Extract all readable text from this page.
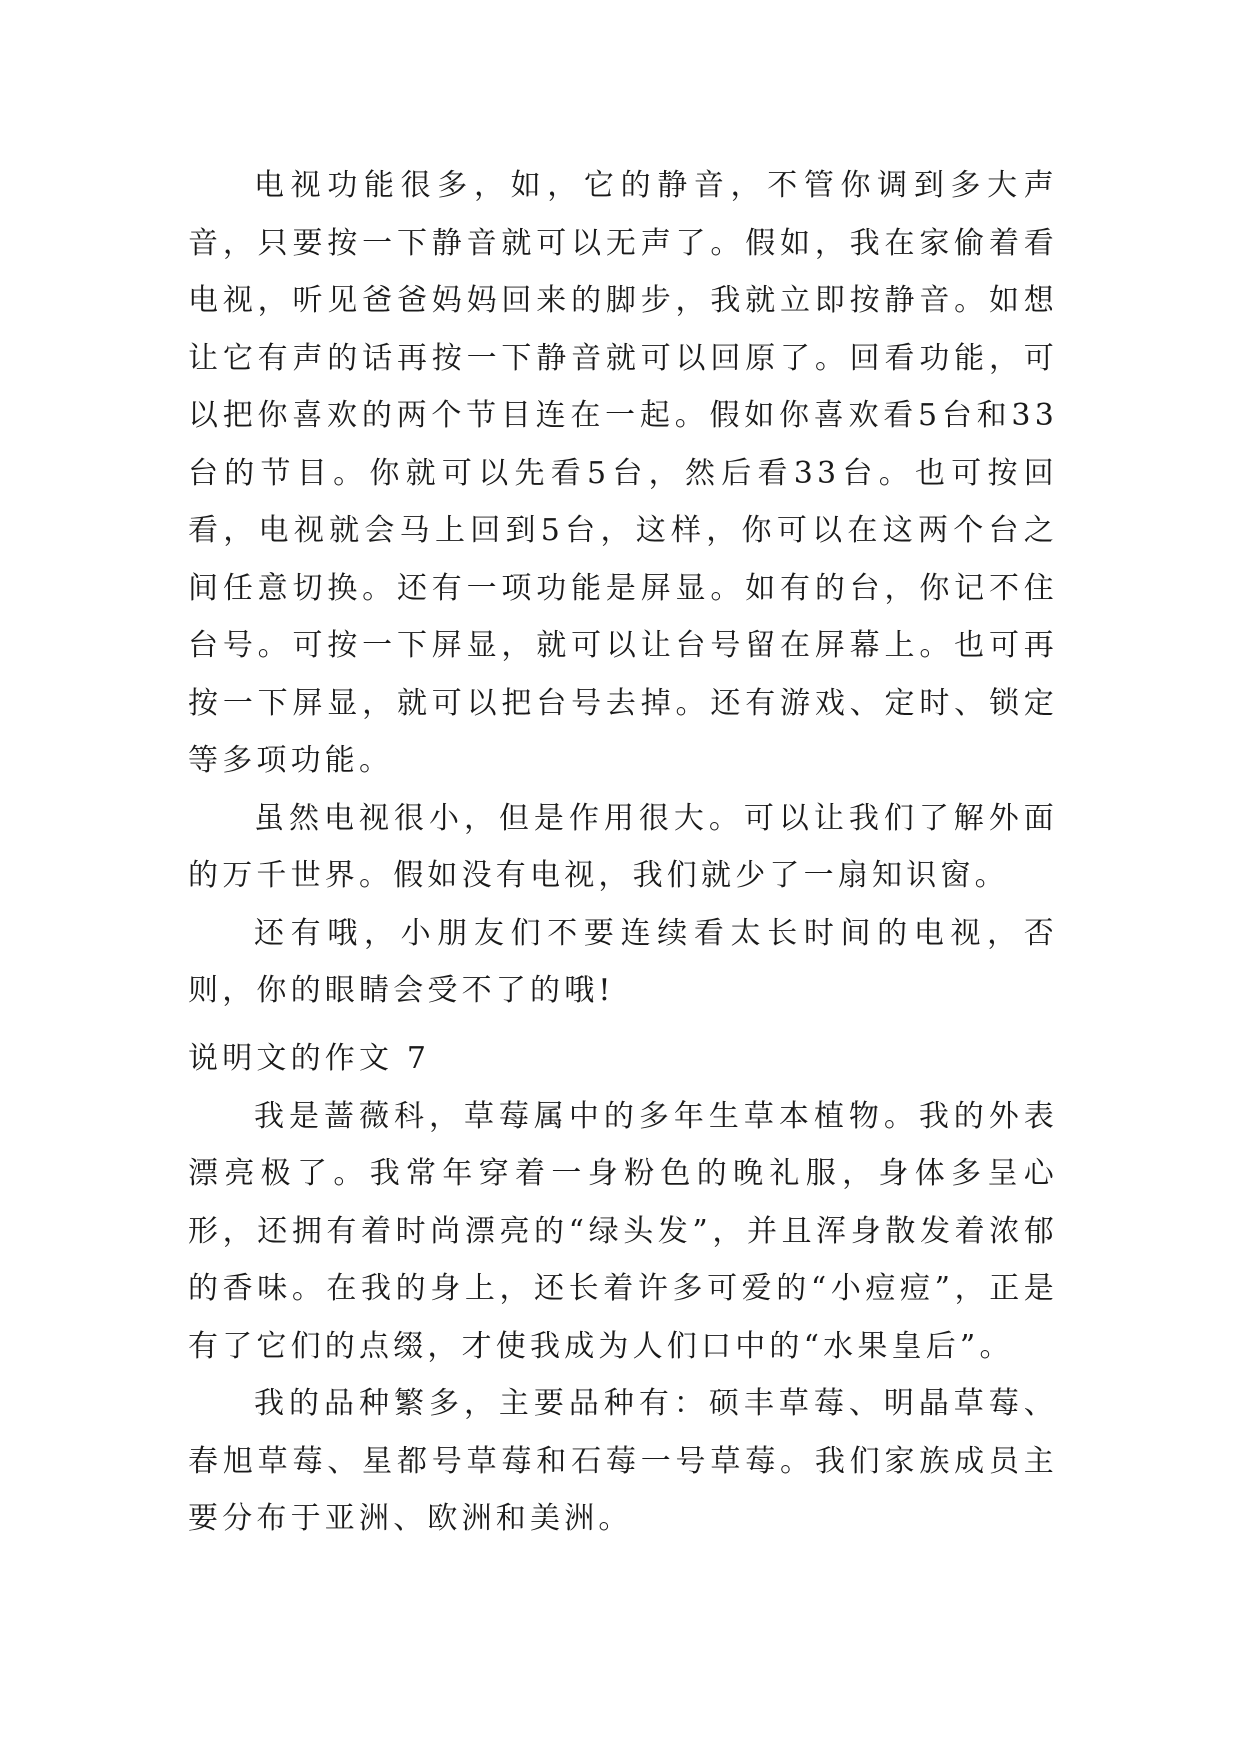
电视功能很多，如，它的静音，不管你调到多大声音，只要按一下静音就可以无声了。假如，我在家偷着看电视，听见爸爸妈妈回来的脚步，我就立即按静音。如想让它有声的话再按一下静音就可以回原了。回看功能，可以把你喜欢的两个节目连在一起。假如你喜欢看5台和33台的节目。你就可以先看5台，然后看33台。也可按回看，电视就会马上回到5台，这样，你可以在这两个台之间任意切换。还有一项功能是屏显。如有的台，你记不住台号。可按一下屏显，就可以让台号留在屏幕上。也可再按一下屏显，就可以把台号去掉。还有游戏、定时、锁定等多项功能。

虽然电视很小，但是作用很大。可以让我们了解外面的万千世界。假如没有电视，我们就少了一扇知识窗。

还有哦，小朋友们不要连续看太长时间的电视，否则，你的眼睛会受不了的哦!

说明文的作文 7

我是蔷薇科，草莓属中的多年生草本植物。我的外表漂亮极了。我常年穿着一身粉色的晚礼服，身体多呈心形，还拥有着时尚漂亮的“绿头发”，并且浑身散发着浓郁的香味。在我的身上，还长着许多可爱的“小痘痘”，正是有了它们的点缀，才使我成为人们口中的“水果皇后”。

我的品种繁多，主要品种有：硕丰草莓、明晶草莓、春旭草莓、星都号草莓和石莓一号草莓。我们家族成员主要分布于亚洲、欧洲和美洲。
